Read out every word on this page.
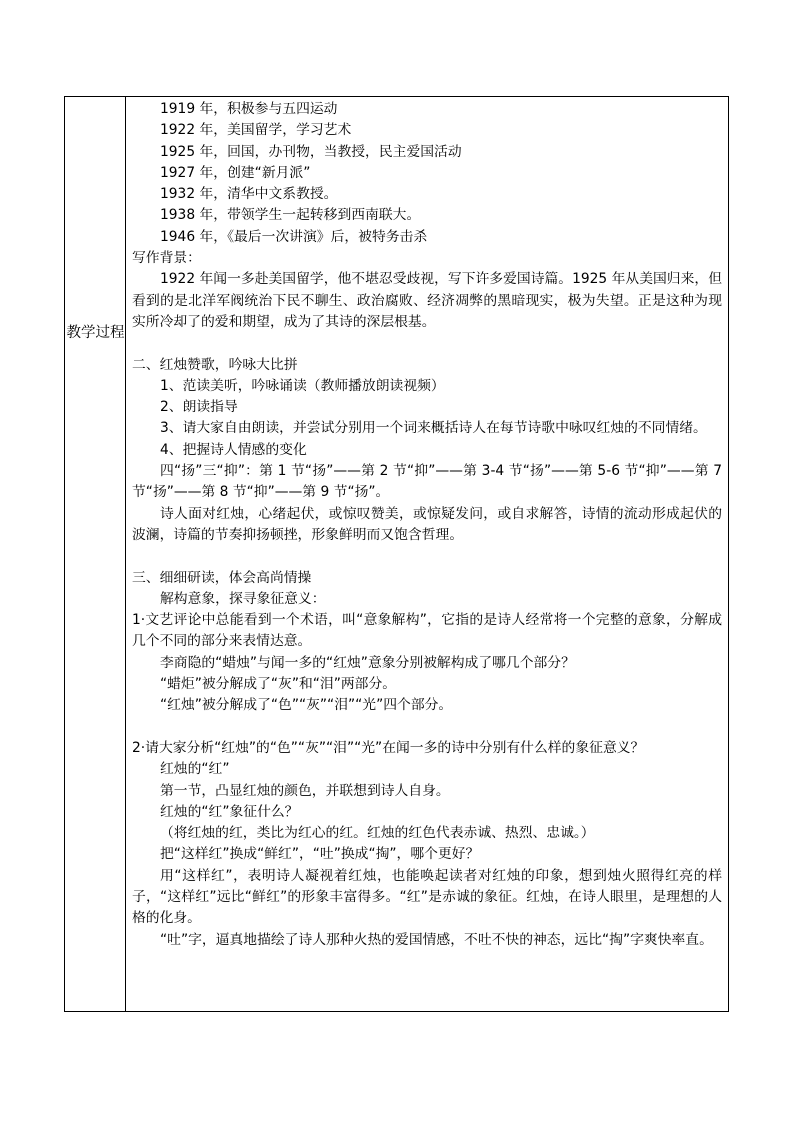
教学过程
1919 年，积极参与五四运动
1922 年，美国留学，学习艺术
1925 年，回国，办刊物，当教授，民主爱国活动
1927 年，创建“新月派”
1932 年，清华中文系教授。
1938 年，带领学生一起转移到西南联大。
1946 年，《最后一次讲演》后，被特务击杀
写作背景：
1922 年闻一多赴美国留学，他不堪忍受歧视，写下许多爱国诗篇。1925 年从美国归来，但看到的是北洋军阀统治下民不聊生、政治腐败、经济凋弊的黑暗现实，极为失望。正是这种为现实所冷却了的爱和期望，成为了其诗的深层根基。
二、红烛赞歌，吟咏大比拼
1、范读美听，吟咏诵读（教师播放朗读视频）
2、朗读指导
3、请大家自由朗读，并尝试分别用一个词来概括诗人在每节诗歌中咏叹红烛的不同情绪。
4、把握诗人情感的变化
四“扬”三“抑”：第 1 节“扬”——第 2 节“抑”——第 3-4 节“扬”——第 5-6 节“抑”——第 7 节“扬”——第 8 节“抑”——第 9 节“扬”。
诗人面对红烛，心绪起伏，或惊叹赞美，或惊疑发问，或自求解答，诗情的流动形成起伏的波澜，诗篇的节奏抑扬顿挫，形象鲜明而又饱含哲理。
三、细细研读，体会高尚情操
解构意象，探寻象征意义：
1·文艺评论中总能看到一个术语，叫“意象解构”，它指的是诗人经常将一个完整的意象，分解成几个不同的部分来表情达意。
李商隐的“蜡烛”与闻一多的“红烛”意象分别被解构成了哪几个部分？
“蜡炬”被分解成了“灰”和“泪”两部分。
“红烛”被分解成了“色”“灰”“泪”“光”四个部分。
2·请大家分析“红烛”的“色”“灰”“泪”“光”在闻一多的诗中分别有什么样的象征意义？
红烛的“红”
第一节，凸显红烛的颜色，并联想到诗人自身。
红烛的“红”象征什么？
（将红烛的红，类比为红心的红。红烛的红色代表赤诚、热烈、忠诚。）
把“这样红”换成“鲜红”，“吐”换成“掏”，哪个更好？
用“这样红”，表明诗人凝视着红烛，也能唤起读者对红烛的印象，想到烛火照得红亮的样子，“这样红”远比“鲜红”的形象丰富得多。“红”是赤诚的象征。红烛，在诗人眼里，是理想的人格的化身。
“吐”字，逼真地描绘了诗人那种火热的爱国情感，不吐不快的神态，远比“掏”字爽快率直。
